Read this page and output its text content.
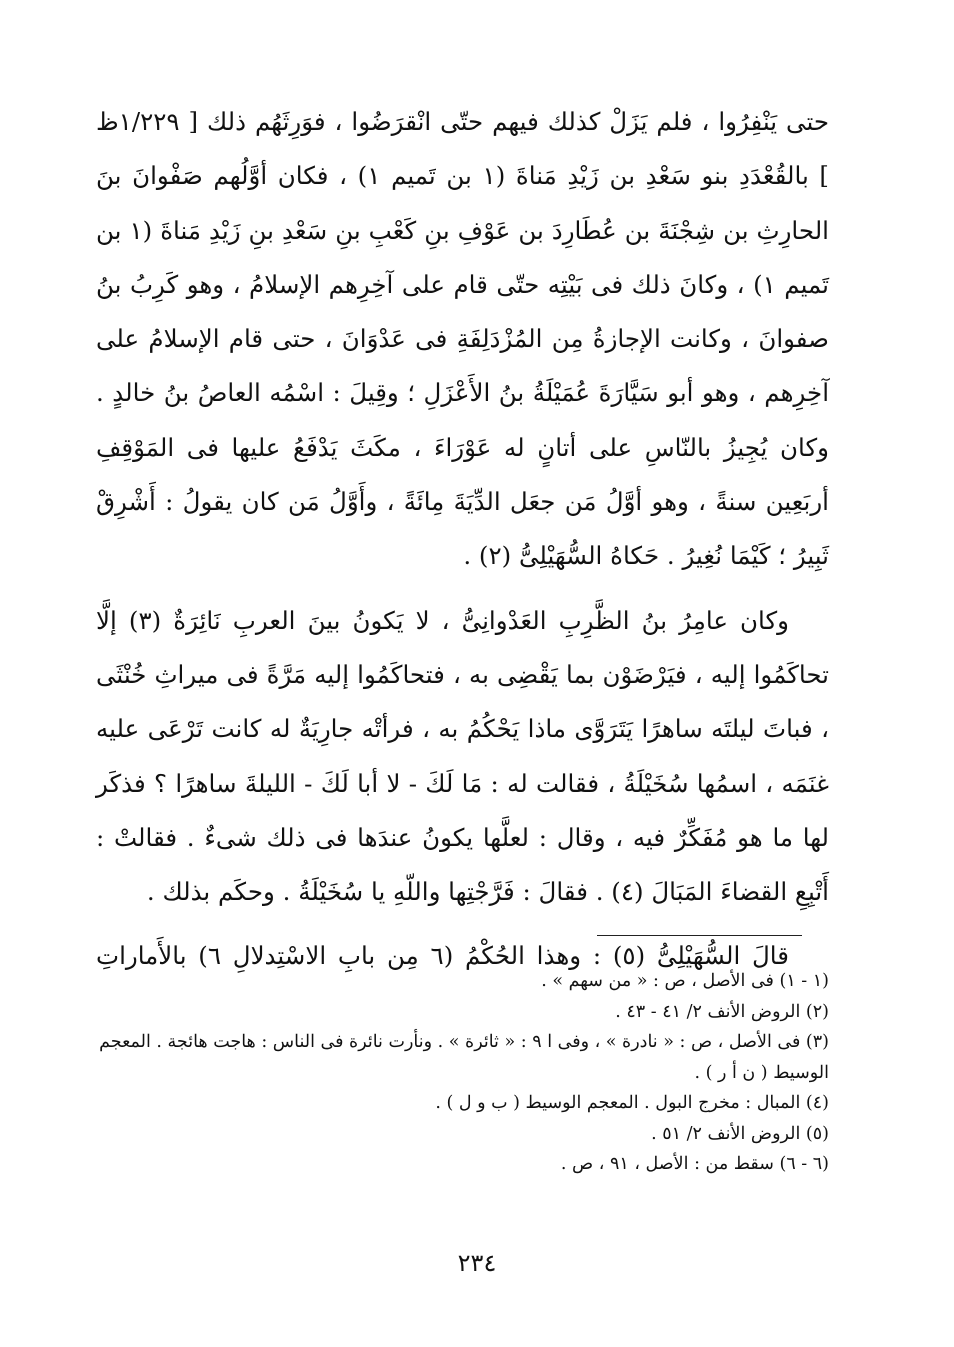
حتى يَنْفِرُوا ، فلم يَزَلْ كذلك فيهم حتّى انْقرَضُوا ، فوَرِثَهُم ذلك [ ١/٢٢٩ظ ] بالقُعْدَدِ بنو سَعْدِ بن زَيْدِ مَناةَ (١ بن تَميم ١) ، فكان أوَّلُهم صَفْوانَ بنَ الحارِثِ بن شِجْنَةَ بن عُطَارِدَ بن عَوْفِ بنِ كَعْبِ بنِ سَعْدِ بنِ زَيْدِ مَناةَ (١ بن تَميم ١) ، وكانَ ذلك فى بَيْتِه حتّى قام على آخِرِهم الإسلامُ ، وهو كَرِبُ بنُ صفوانَ ، وكانت الإجازةُ مِن المُزْدَلِفَةِ فى عَدْوَانَ ، حتى قام الإسلامُ على آخِرِهم ، وهو أبو سَيَّارَةَ عُمَيْلَةُ بنُ الأَعْزَلِ ؛ وقِيلَ : اسْمُه العاصُ بنُ خالدٍ . وكان يُجِيزُ بالنّاسِ على أتانٍ له عَوْرَاءَ ، مكَثَ يَدْفَعُ عليها فى المَوْقِفِ أربَعِين سنةً ، وهو أوَّلُ مَن جعَل الدِّيَةَ مِائَةً ، وأَوَّلُ مَن كان يقولُ : أَشْرِقْ ثَبِيرُ ؛ كَيْمَا نُغِيرُ . حَكاهُ السُّهَيْلِىُّ (٢) .

وكان عامِرُ بنُ الظَّرِبِ العَدْوانِىُّ ، لا يَكونُ بينَ العربِ نَائِرَةٌ (٣) إلَّا تحاكَمُوا إليه ، فيَرْضَوْن بما يَقْضِى به ، فتحاكَمُوا إليه مَرَّةً فى ميراثِ خُنْثَى ، فباتَ ليلتَه ساهرًا يَتَرَوَّى ماذا يَحْكُمُ به ، فرأتْه جارِيَةٌ له كانت تَرْعَى عليه غنَمَه ، اسمُها سُخَيْلَةُ ، فقالت له : مَا لَكَ - لا أبا لَكَ - الليلةَ ساهرًا ؟ فذكَر لها ما هو مُفَكِّرٌ فيه ، وقال : لعلَّها يكونُ عندَها فى ذلك شىءٌ . فقالتْ : أَتْبِعِ القضاءَ المَبَالَ (٤) . فقالَ : فَرَّجْتِها واللّهِ يا سُخَيْلَةُ . وحكَم بذلك .

قالَ السُّهَيْلِىُّ (٥) : وهذا الحُكْمُ (٦ مِن بابِ الاسْتِدلالِ ٦) بالأَماراتِ

(١ - ١) فى الأصل ، ص : « من سهم » .
(٢) الروض الأنف ٢/ ٤١ - ٤٣ .
(٣) فى الأصل ، ص : « نادرة » ، وفى ا ٩ : « ثائرة » . ونأرت نائرة فى الناس : هاجت هائجة . المعجم الوسيط ( ن أ ر ) .
(٤) المبال : مخرج البول . المعجم الوسيط ( ب و ل ) .
(٥) الروض الأنف ٢/ ٥١ .
(٦ - ٦) سقط من : الأصل ، ٩١ ، ص .
٢٣٤
